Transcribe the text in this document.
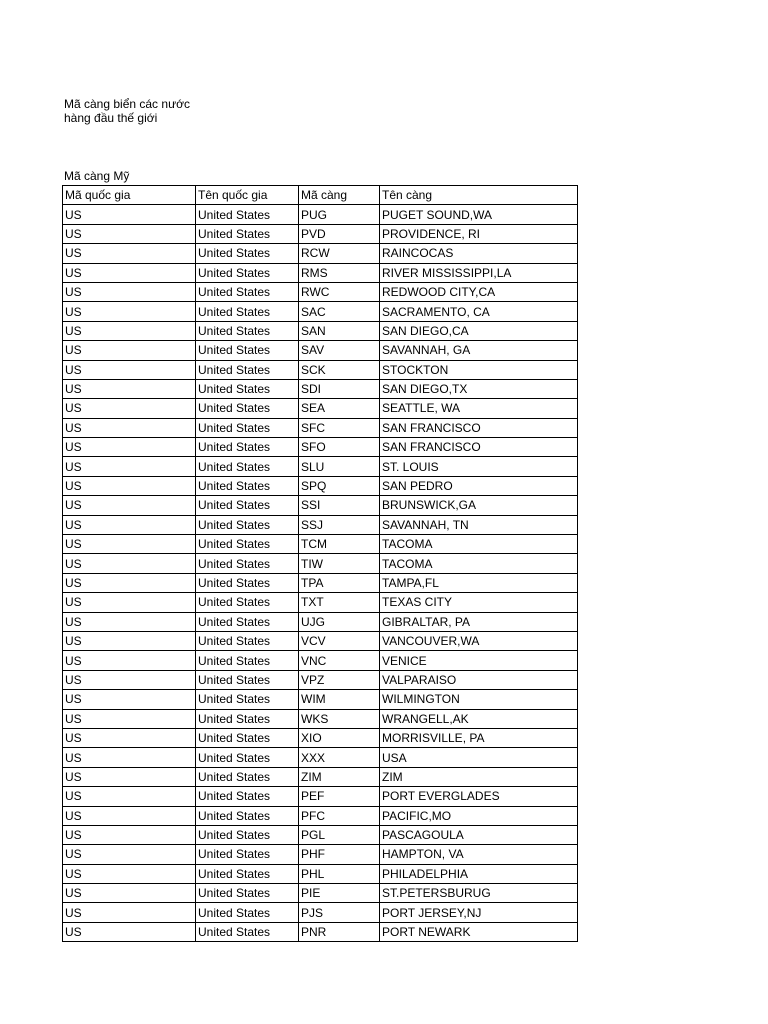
Mã càng biển các nước
hàng đầu thế giới
Mã càng Mỹ
Mã quốc gia	Tên quốc gia	Mã càng	Tên càng
US	United States	PUG	PUGET SOUND,WA
US	United States	PVD	PROVIDENCE, RI
US	United States	RCW	RAINCOCAS
US	United States	RMS	RIVER MISSISSIPPI,LA
US	United States	RWC	REDWOOD CITY,CA
US	United States	SAC	SACRAMENTO, CA
US	United States	SAN	SAN DIEGO,CA
US	United States	SAV	SAVANNAH, GA
US	United States	SCK	STOCKTON
US	United States	SDI	SAN DIEGO,TX
US	United States	SEA	SEATTLE, WA
US	United States	SFC	SAN FRANCISCO
US	United States	SFO	SAN FRANCISCO
US	United States	SLU	ST. LOUIS
US	United States	SPQ	SAN PEDRO
US	United States	SSI	BRUNSWICK,GA
US	United States	SSJ	SAVANNAH, TN
US	United States	TCM	TACOMA
US	United States	TIW	TACOMA
US	United States	TPA	TAMPA,FL
US	United States	TXT	TEXAS CITY
US	United States	UJG	GIBRALTAR, PA
US	United States	VCV	VANCOUVER,WA
US	United States	VNC	VENICE
US	United States	VPZ	VALPARAISO
US	United States	WIM	WILMINGTON
US	United States	WKS	WRANGELL,AK
US	United States	XIO	MORRISVILLE, PA
US	United States	XXX	USA
US	United States	ZIM	ZIM
US	United States	PEF	PORT EVERGLADES
US	United States	PFC	PACIFIC,MO
US	United States	PGL	PASCAGOULA
US	United States	PHF	HAMPTON, VA
US	United States	PHL	PHILADELPHIA
US	United States	PIE	ST.PETERSBURUG
US	United States	PJS	PORT JERSEY,NJ
US	United States	PNR	PORT NEWARK
